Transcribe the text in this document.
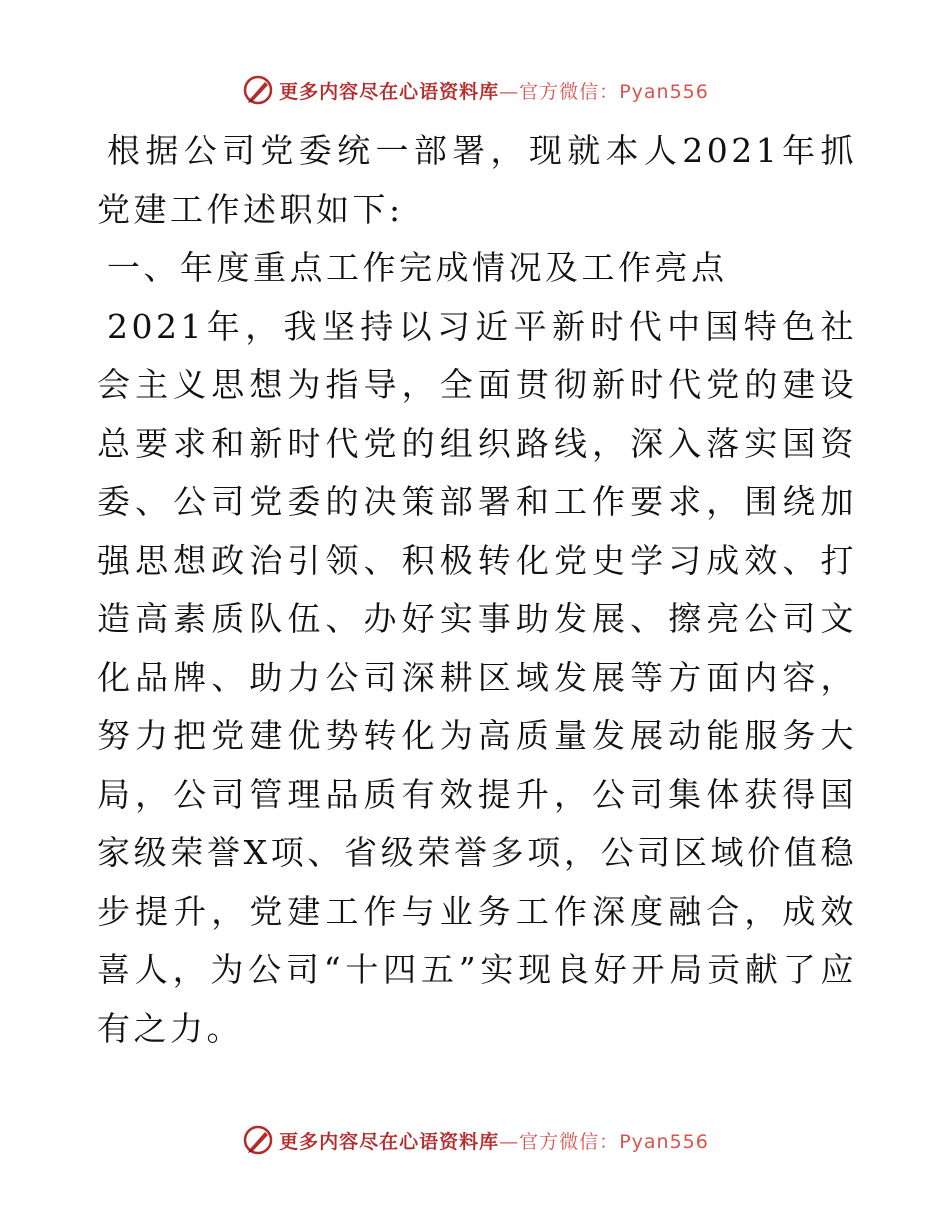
更多内容尽在心语资料库—官方微信：Pyan556

根据公司党委统一部署，现就本人2021年抓党建工作述职如下:

一、年度重点工作完成情况及工作亮点

2021年，我坚持以习近平新时代中国特色社会主义思想为指导，全面贯彻新时代党的建设总要求和新时代党的组织路线，深入落实国资委、公司党委的决策部署和工作要求，围绕加强思想政治引领、积极转化党史学习成效、打造高素质队伍、办好实事助发展、擦亮公司文化品牌、助力公司深耕区域发展等方面内容，努力把党建优势转化为高质量发展动能服务大局，公司管理品质有效提升，公司集体获得国家级荣誉X项、省级荣誉多项，公司区域价值稳步提升，党建工作与业务工作深度融合，成效喜人，为公司“十四五”实现良好开局贡献了应有之力。

更多内容尽在心语资料库—官方微信：Pyan556
